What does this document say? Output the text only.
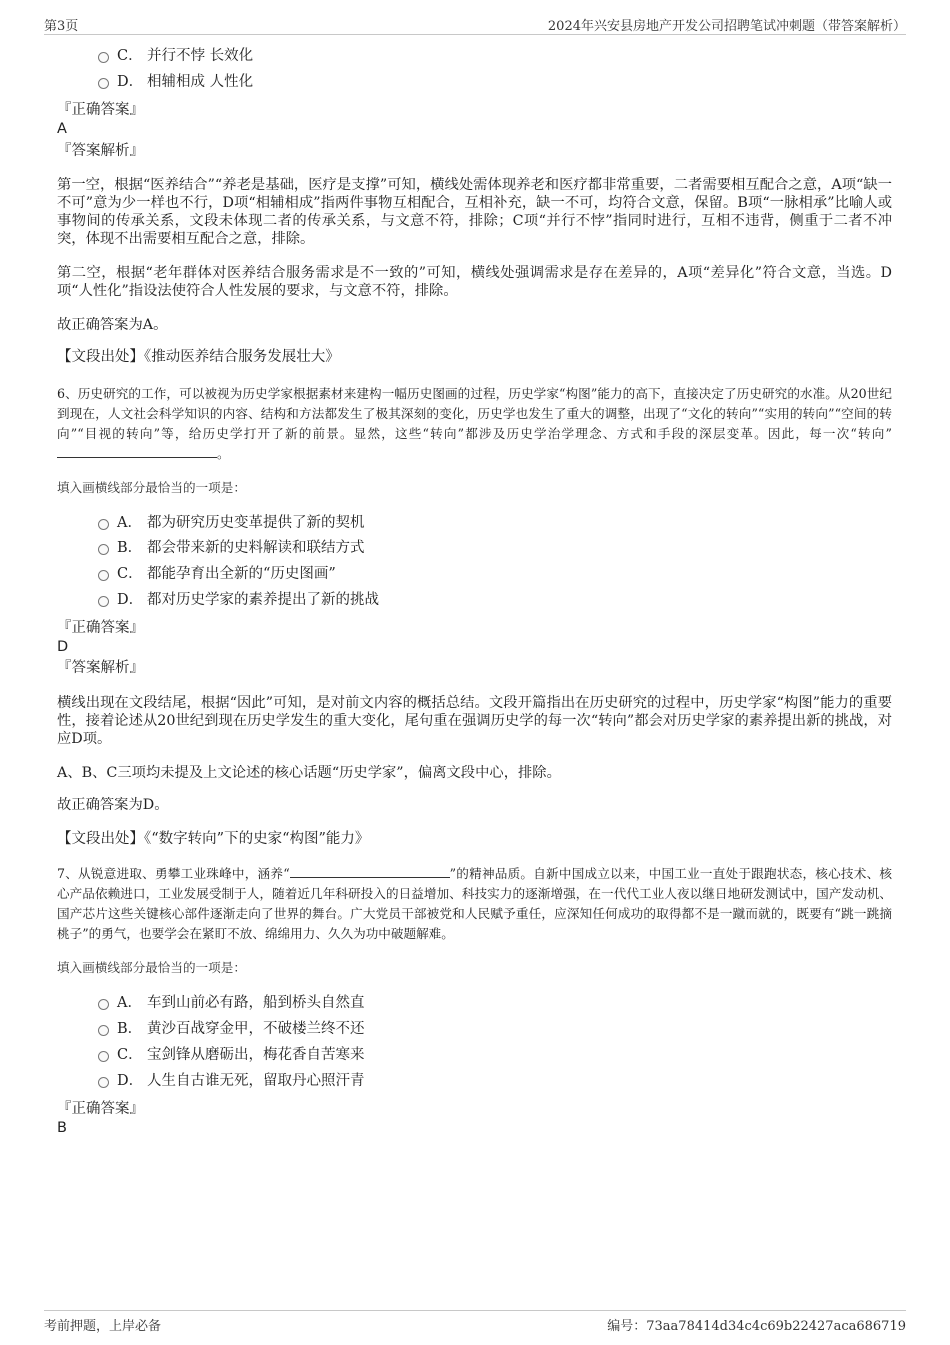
第3页	2024年兴安县房地产开发公司招聘笔试冲刺题（带答案解析）
C． 并行不悖 长效化
D． 相辅相成 人性化
『正确答案』
A
『答案解析』
第一空，根据“医养结合”“养老是基础，医疗是支撑”可知，横线处需体现养老和医疗都非常重要，二者需要相互配合之意，A项“缺一不可”意为少一样也不行，D项“相辅相成”指两件事物互相配合，互相补充，缺一不可，均符合文意，保留。B项“一脉相承”比喻人或事物间的传承关系，文段未体现二者的传承关系，与文意不符，排除；C项“并行不悖”指同时进行，互相不违背，侧重于二者不冲突，体现不出需要相互配合之意，排除。
第二空，根据“老年群体对医养结合服务需求是不一致的”可知，横线处强调需求是存在差异的，A项“差异化”符合文意，当选。D项“人性化”指设法使符合人性发展的要求，与文意不符，排除。
故正确答案为A。
【文段出处】《推动医养结合服务发展壮大》
6、历史研究的工作，可以被视为历史学家根据素材来建构一幅历史图画的过程，历史学家“构图”能力的高下，直接决定了历史研究的水准。从20世纪到现在，人文社会科学知识的内容、结构和方法都发生了极其深刻的变化，历史学也发生了重大的调整，出现了“文化的转向”“实用的转向”“空间的转向”“目视的转向”等，给历史学打开了新的前景。显然，这些“转向”都涉及历史学治学理念、方式和手段的深层变革。因此，每一次“转向”。
填入画横线部分最恰当的一项是：
A． 都为研究历史变革提供了新的契机
B． 都会带来新的史料解读和联结方式
C． 都能孕育出全新的“历史图画”
D． 都对历史学家的素养提出了新的挑战
『正确答案』
D
『答案解析』
横线出现在文段结尾，根据“因此”可知，是对前文内容的概括总结。文段开篇指出在历史研究的过程中，历史学家“构图”能力的重要性，接着论述从20世纪到现在历史学发生的重大变化，尾句重在强调历史学的每一次“转向”都会对历史学家的素养提出新的挑战，对应D项。
A、B、C三项均未提及上文论述的核心话题“历史学家”，偏离文段中心，排除。
故正确答案为D。
【文段出处】《“数字转向”下的史家“构图”能力》
7、从锐意进取、勇攀工业珠峰中，涵养“	”的精神品质。自新中国成立以来，中国工业一直处于跟跑状态，核心技术、核心产品依赖进口，工业发展受制于人，随着近几年科研投入的日益增加、科技实力的逐渐增强，在一代代工业人夜以继日地研发测试中，国产发动机、国产芯片这些关键核心部件逐渐走向了世界的舞台。广大党员干部被党和人民赋予重任，应深知任何成功的取得都不是一蹴而就的，既要有“跳一跳摘桃子”的勇气，也要学会在紧盯不放、绵绵用力、久久为功中破题解难。
填入画横线部分最恰当的一项是：
A． 车到山前必有路，船到桥头自然直
B． 黄沙百战穿金甲，不破楼兰终不还
C． 宝剑锋从磨砺出，梅花香自苦寒来
D． 人生自古谁无死，留取丹心照汗青
『正确答案』
B
考前押题，上岸必备	编号：73aa78414d34c4c69b22427aca686719
